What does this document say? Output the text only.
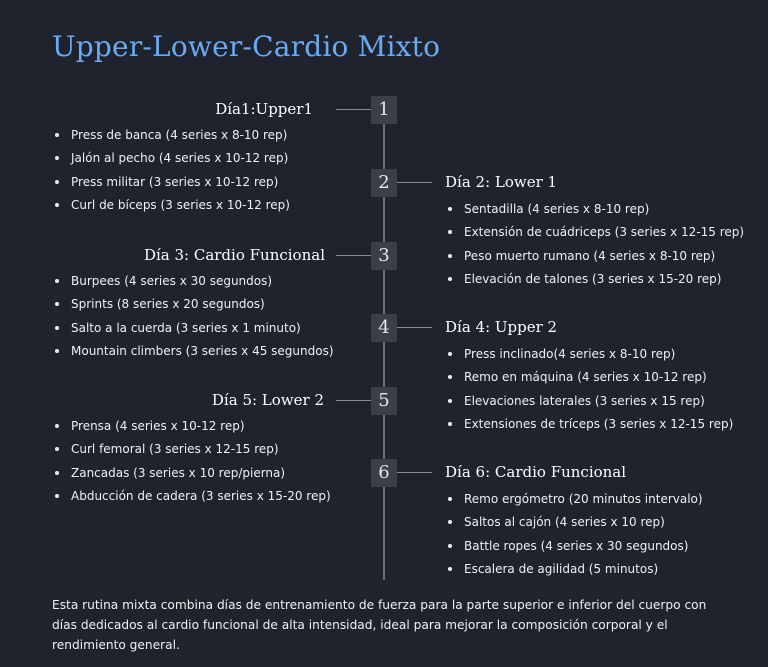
Upper-Lower-Cardio Mixto
1
Día1:Upper1
Press de banca (4 series x 8-10 rep)
Jalón al pecho (4 series x 10-12 rep)
Press militar (3 series x 10-12 rep)
Curl de bíceps (3 series x 10-12 rep)
2	Día 2: Lower 1
Sentadilla (4 series x 8-10 rep)
Extensión de cuádriceps (3 series x 12-15 rep)
Peso muerto rumano (4 series x 8-10 rep)
Elevación de talones (3 series x 15-20 rep)
3
Día 3: Cardio Funcional
Burpees (4 series x 30 segundos)
Sprints (8 series x 20 segundos)
Salto a la cuerda (3 series x 1 minuto)
Mountain climbers (3 series x 45 segundos)
4	Día 4: Upper 2
Press inclinado(4 series x 8-10 rep)
Remo en máquina (4 series x 10-12 rep)
Elevaciones laterales (3 series x 15 rep)
Extensiones de tríceps (3 series x 12-15 rep)
5
Día 5: Lower 2
Prensa (4 series x 10-12 rep)
Curl femoral (3 series x 12-15 rep)
Zancadas (3 series x 10 rep/pierna)
Abducción de cadera (3 series x 15-20 rep)
6	Día 6: Cardio Funcional
Remo ergómetro (20 minutos intervalo)
Saltos al cajón (4 series x 10 rep)
Battle ropes (4 series x 30 segundos)
Escalera de agilidad (5 minutos)
Esta rutina mixta combina días de entrenamiento de fuerza para la parte superior e inferior del cuerpo con días dedicados al cardio funcional de alta intensidad, ideal para mejorar la composición corporal y el rendimiento general.
